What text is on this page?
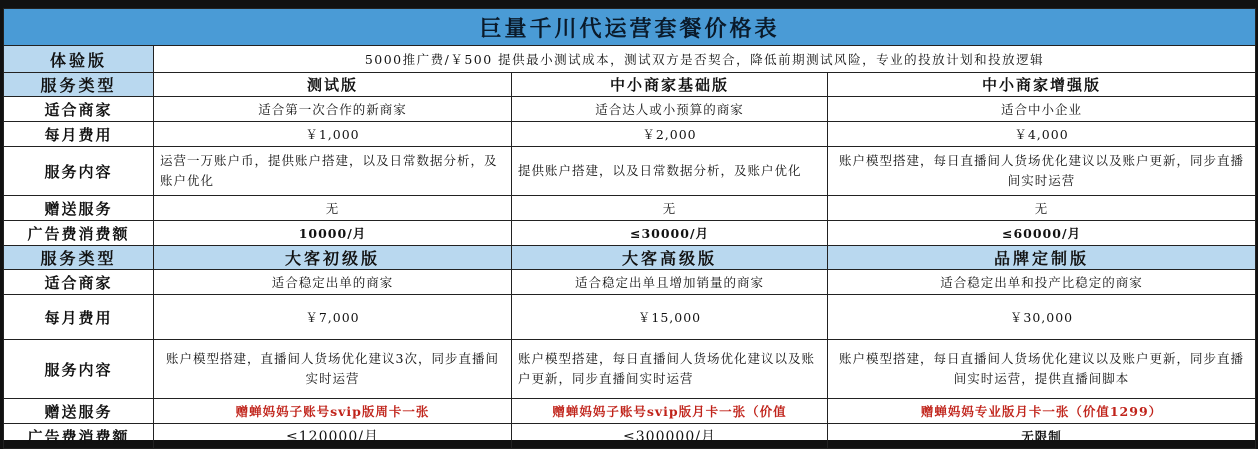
巨量千川代运营套餐价格表			
体验版	5000推广费/￥500 提供最小测试成本，测试双方是否契合，降低前期测试风险，专业的投放计划和投放逻辑		
服务类型	测试版	中小商家基础版	中小商家增强版
适合商家	适合第一次合作的新商家	适合达人或小预算的商家	适合中小企业
每月费用	￥1,000	￥2,000	￥4,000
服务内容	运营一万账户币，提供账户搭建，以及日常数据分析，及账户优化	提供账户搭建，以及日常数据分析，及账户优化	账户模型搭建，每日直播间人货场优化建议以及账户更新，同步直播间实时运营
赠送服务	无	无	无
广告费消费额	10000/月	≤30000/月	≤60000/月
服务类型	大客初级版	大客高级版	品牌定制版
适合商家	适合稳定出单的商家	适合稳定出单且增加销量的商家	适合稳定出单和投产比稳定的商家
每月费用	￥7,000	￥15,000	￥30,000
服务内容	账户模型搭建，直播间人货场优化建议3次，同步直播间实时运营	账户模型搭建，每日直播间人货场优化建议以及账户更新，同步直播间实时运营	账户模型搭建，每日直播间人货场优化建议以及账户更新，同步直播间实时运营，提供直播间脚本
赠送服务	赠蝉妈妈子账号svip版周卡一张	赠蝉妈妈子账号svip版月卡一张（价值	赠蝉妈妈专业版月卡一张（价值1299）
广告费消费额	≤120000/月	≤300000/月	无限制
